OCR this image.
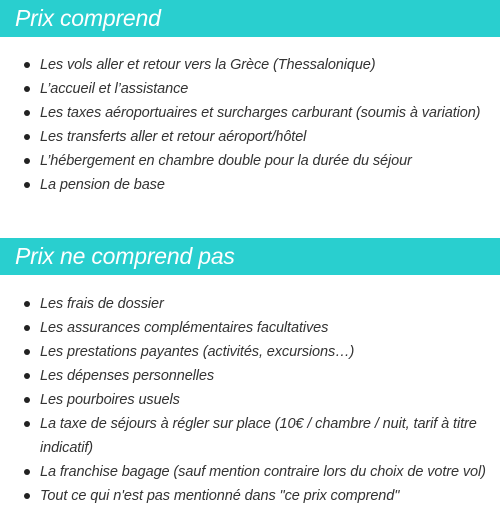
Prix comprend
Les vols aller et retour vers la Grèce (Thessalonique)
L’accueil et l’assistance
Les taxes aéroportuaires et surcharges carburant (soumis à variation)
Les transferts aller et retour aéroport/hôtel
L’hébergement en chambre double pour la durée du séjour
La pension de base
Prix ne comprend pas
Les frais de dossier
Les assurances complémentaires facultatives
Les prestations payantes (activités, excursions…)
Les dépenses personnelles
Les pourboires usuels
La taxe de séjours à régler sur place (10€ / chambre / nuit, tarif à titre indicatif)
La franchise bagage (sauf mention contraire lors du choix de votre vol)
Tout ce qui n'est pas mentionné dans "ce prix comprend"
